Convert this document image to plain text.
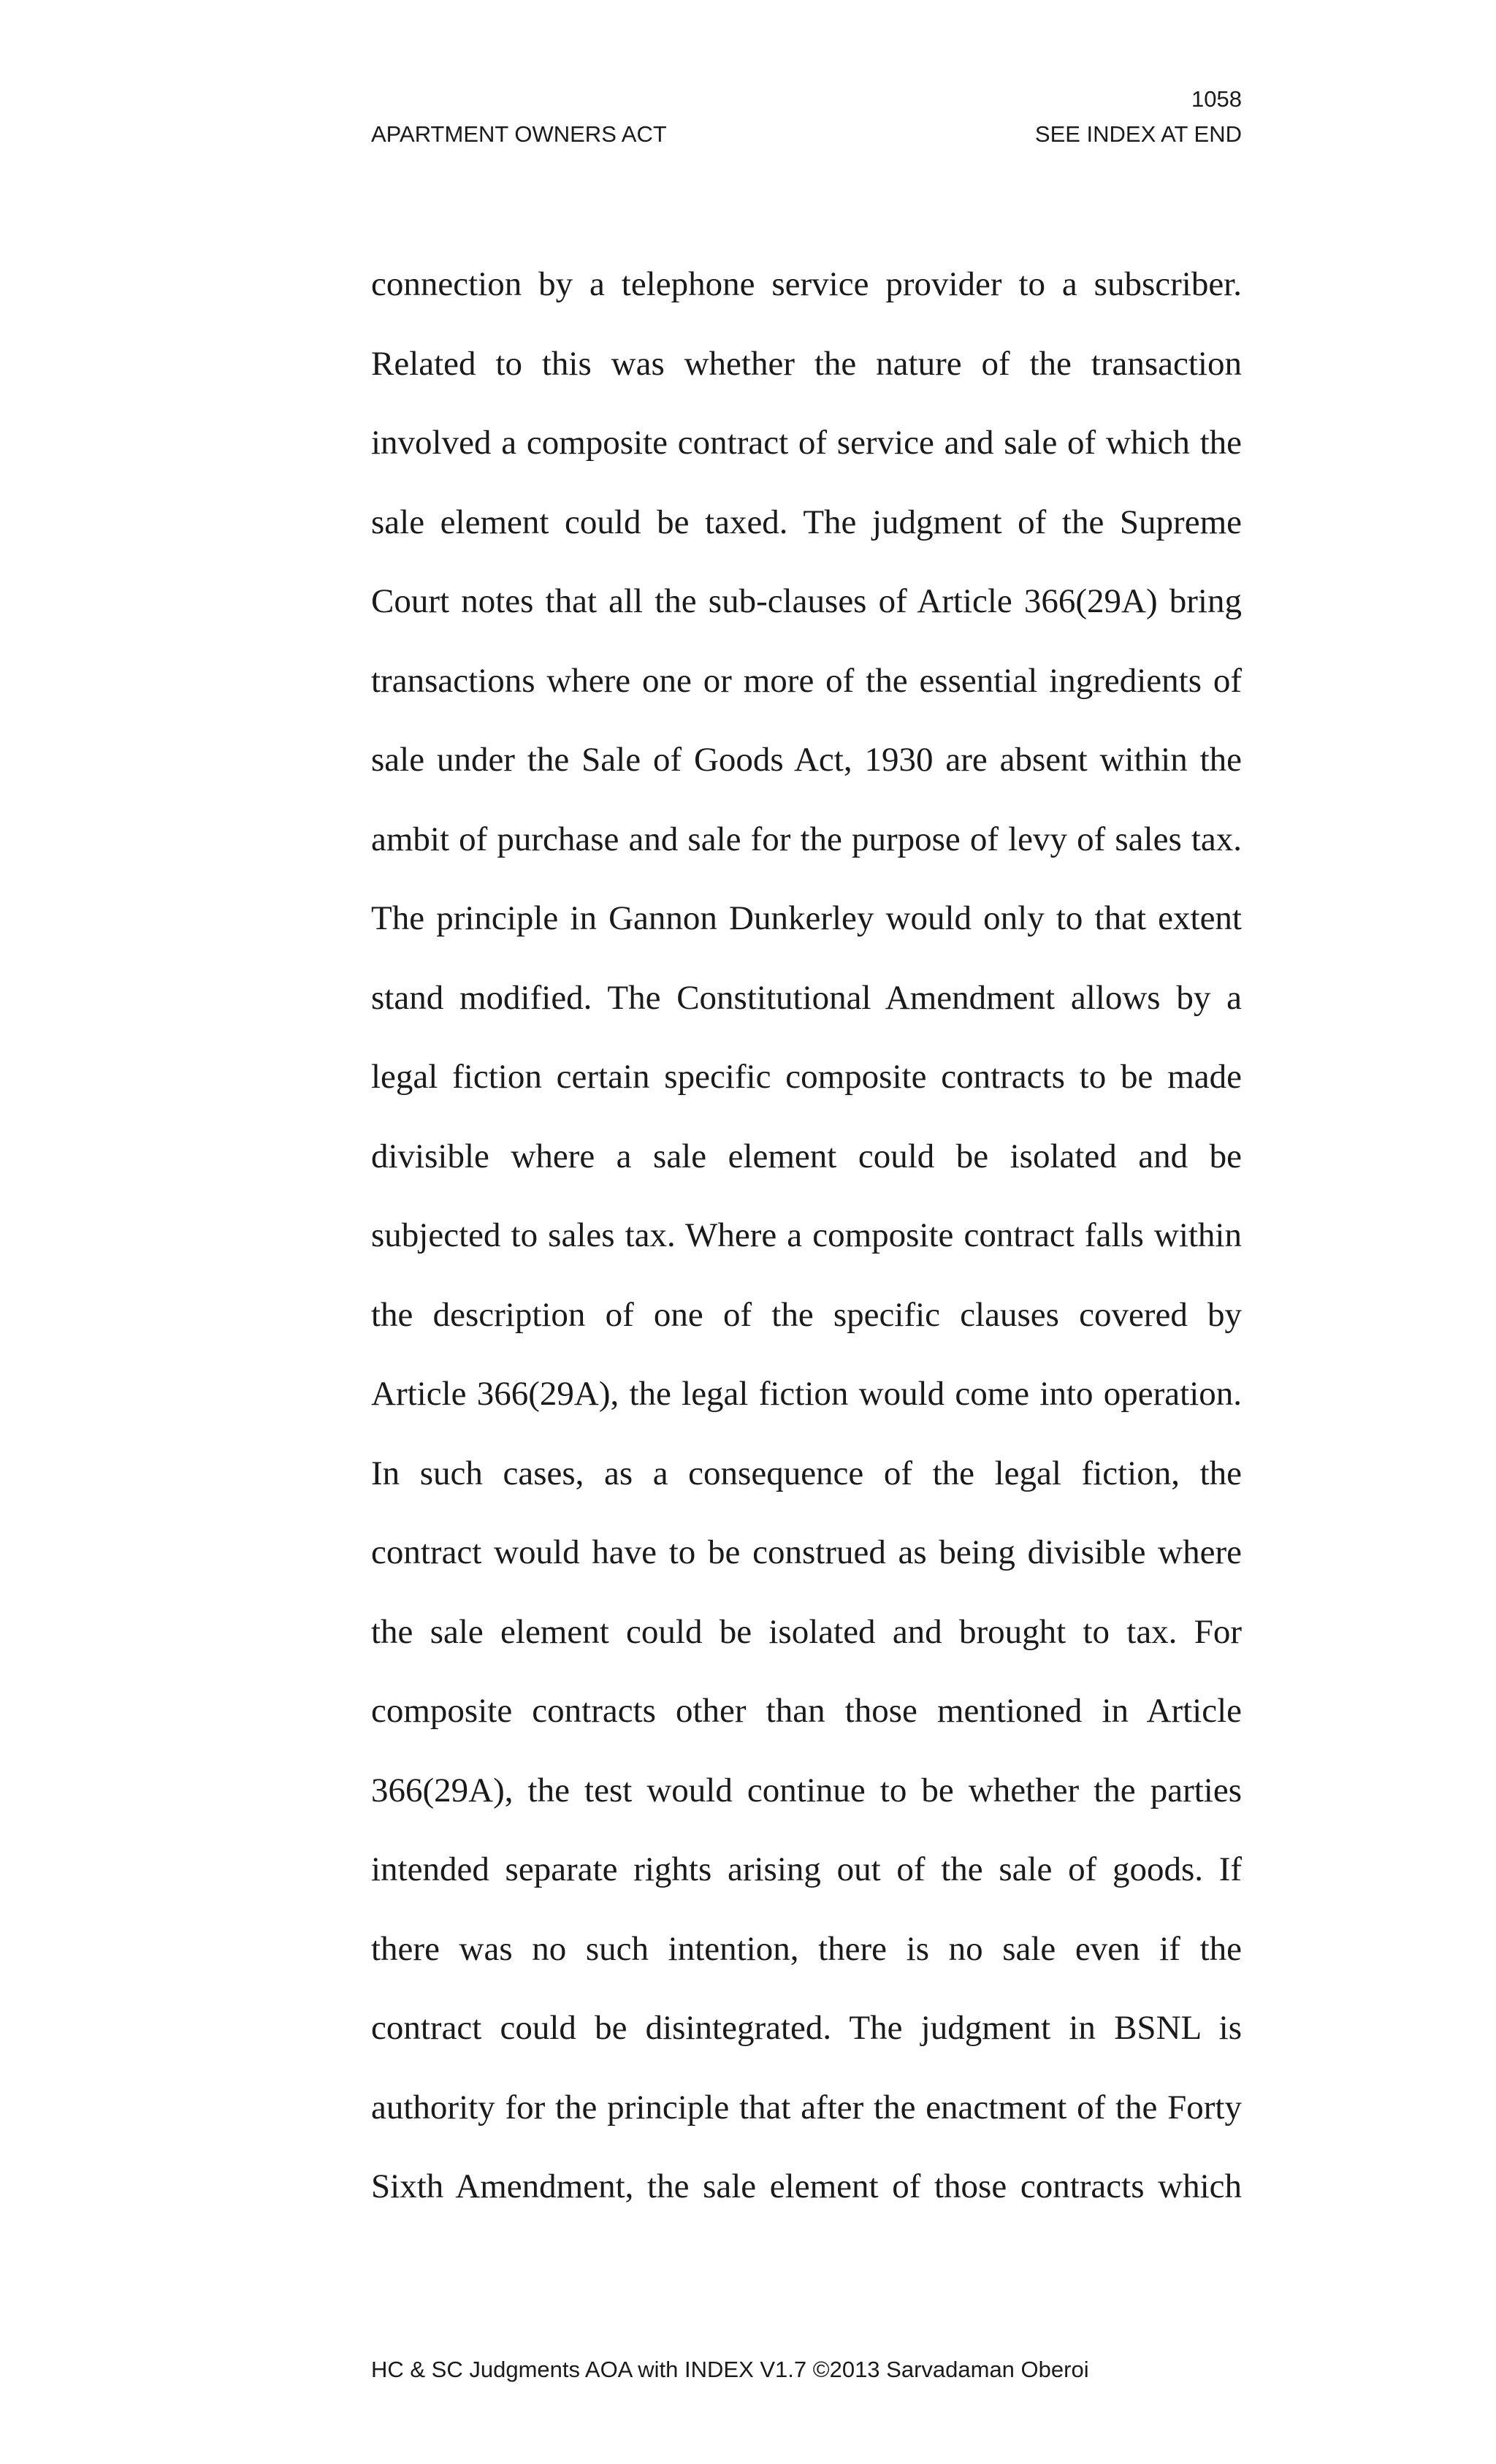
1058
APARTMENT OWNERS ACT	SEE INDEX AT END
connection by a telephone service provider to a subscriber.
Related to this was whether the nature of the transaction
involved a composite contract of service and sale of which the
sale element could be taxed. The judgment of the Supreme
Court notes that all the sub-clauses of Article 366(29A) bring
transactions where one or more of the essential ingredients of
sale under the Sale of Goods Act, 1930 are absent within the
ambit of purchase and sale for the purpose of levy of sales tax.
The principle in Gannon Dunkerley would only to that extent
stand modified. The Constitutional Amendment allows by a
legal fiction certain specific composite contracts to be made
divisible where a sale element could be isolated and be
subjected to sales tax. Where a composite contract falls within
the description of one of the specific clauses covered by
Article 366(29A), the legal fiction would come into operation.
In such cases, as a consequence of the legal fiction, the
contract would have to be construed as being divisible where
the sale element could be isolated and brought to tax. For
composite contracts other than those mentioned in Article
366(29A), the test would continue to be whether the parties
intended separate rights arising out of the sale of goods. If
there was no such intention, there is no sale even if the
contract could be disintegrated. The judgment in BSNL is
authority for the principle that after the enactment of the Forty
Sixth Amendment, the sale element of those contracts which
HC & SC Judgments AOA with INDEX V1.7 ©2013 Sarvadaman Oberoi
